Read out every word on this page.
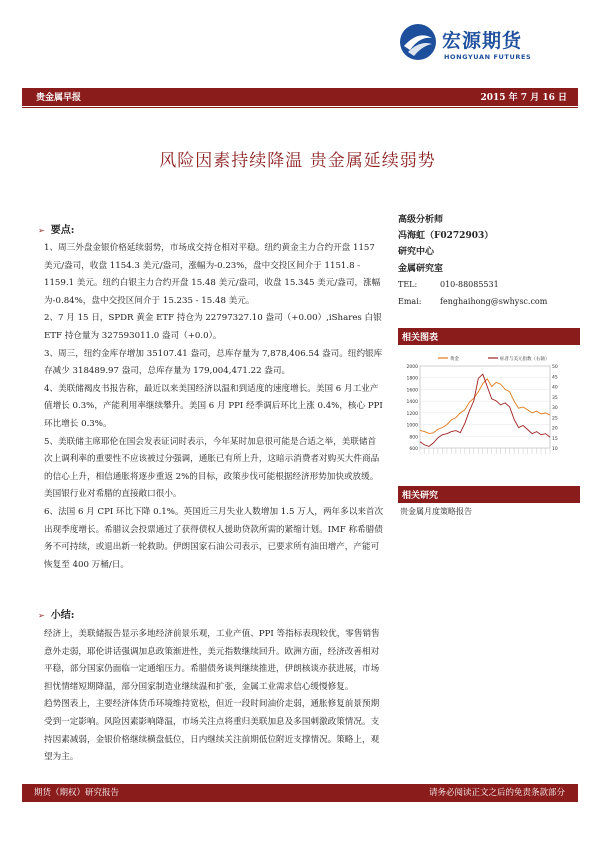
宏源期货
HONGYUAN FUTURES
贵金属早报	2015 年 7 月 16 日
风险因素持续降温 贵金属延续弱势
➢ 要点:

1、周三外盘金银价格延续弱势，市场成交持仓相对平稳。纽约黄金主力合约开盘 1157 美元/盎司，收盘 1154.3 美元/盎司，涨幅为-0.23%，盘中交投区间介于 1151.8 - 1159.1 美元。纽约白银主力合约开盘 15.48 美元/盎司，收盘 15.345 美元/盎司，涨幅为-0.84%，盘中交投区间介于 15.235 - 15.48 美元。

2、7 月 15 日，SPDR 黄金 ETF 持仓为 22797327.10 盎司（+0.00）,iShares 白银 ETF 持仓量为 327593011.0 盎司（+0.0）。

3、周三，纽约金库存增加 35107.41 盎司，总库存量为 7,878,406.54 盎司。纽约银库存减少 318489.97 盎司，总库存量为 179,004,471.22 盎司。

4、美联储褐皮书报告称，最近以来美国经济以温和到适度的速度增长。美国 6 月工业产值增长 0.3%，产能利用率继续攀升。美国 6 月 PPI 经季调后环比上涨 0.4%，核心 PPI 环比增长 0.3%。

5、美联储主席耶伦在国会发表证词时表示，今年某时加息很可能是合适之举，美联储首次上调利率的重要性不应该被过分强调，通胀已有所上升，这暗示消费者对购买大件商品的信心上升，相信通胀将逐步重返 2%的目标，政策步伐可能根据经济形势加快或放缓。美国银行业对希腊的直接敞口很小。

6、法国 6 月 CPI 环比下降 0.1%。英国近三月失业人数增加 1.5 万人，两年多以来首次出现季度增长。希腊议会投票通过了获得债权人援助贷款所需的紧缩计划。IMF 称希腊债务不可持续，或退出新一轮救助。伊朗国家石油公司表示，已要求所有油田增产，产能可恢复至 400 万桶/日。

➢ 小结:

经济上，美联储报告显示多地经济前景乐观，工业产值、PPI 等指标表现较优，零售销售意外走弱，耶伦讲话强调加息政策渐进性，美元指数继续回升。欧洲方面，经济改善相对平稳，部分国家仍面临一定通缩压力。希腊债务谈判继续推进，伊朗核谈亦获进展，市场担忧情绪短期降温，部分国家制造业继续温和扩张，金属工业需求信心缓慢修复。

趋势图表上，主要经济体货币环境维持宽松，但近一段时间油价走弱，通胀修复前景预期受到一定影响。风险因素影响降温，市场关注点将重归美联加息及多国刺激政策情况。支持因素减弱，金银价格继续横盘低位，日内继续关注前期低位附近支撑情况。策略上，观望为主。

高级分析师
冯海虹（F0272903）
研究中心
金属研究室
TEL:	010-88085531
Emai: fenghaihong@swhysc.com
相关图表
2000
1800
1600
1400
1200
1000
800
600
50
45
40
35
30
25
20
15
10
黄金	标普与美元指数（右轴）
相关研究
贵金属月度策略报告
期货（期权）研究报告	请务必阅读正文之后的免责条款部分
